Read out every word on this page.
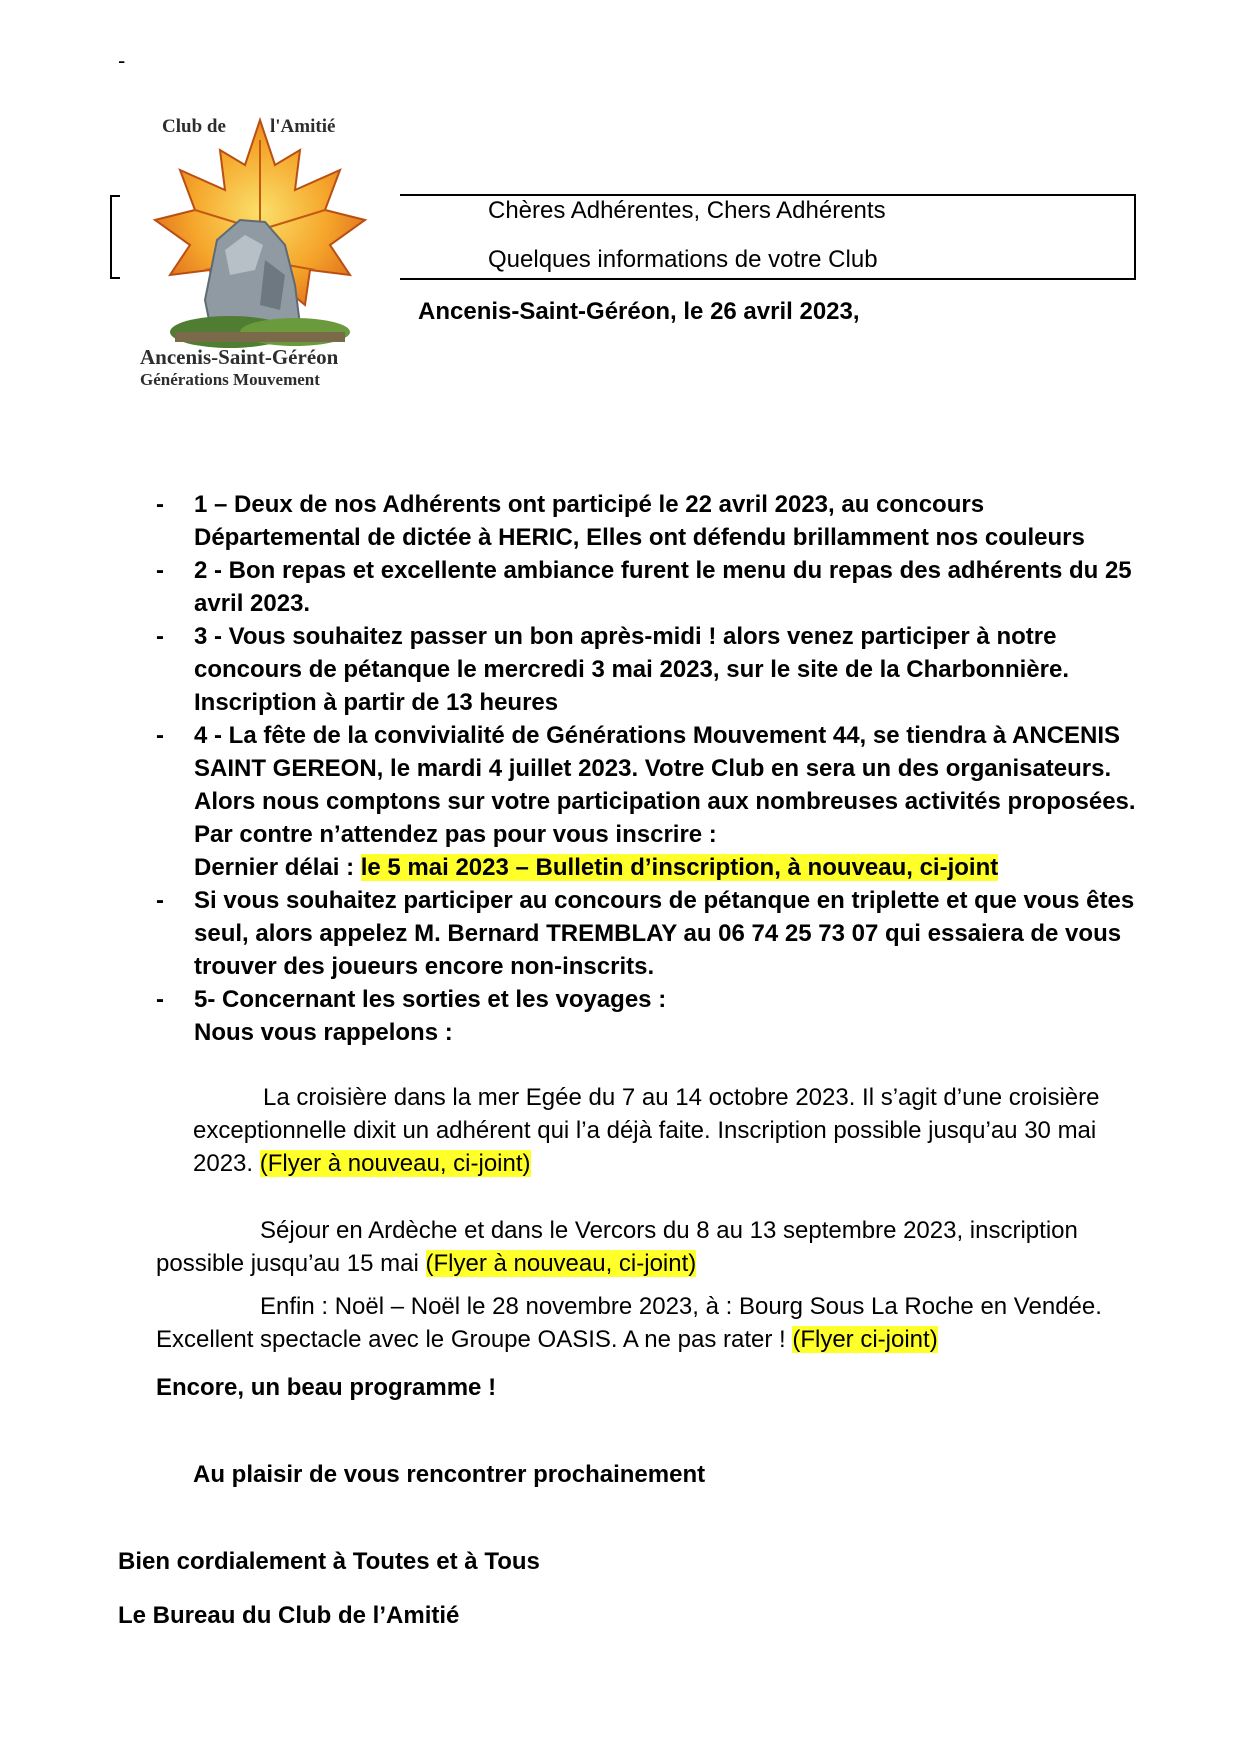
-
Club de l'Amitié
Ancenis-Saint-Géréon
Générations Mouvement
Chères Adhérentes, Chers Adhérents
Quelques informations de votre Club
Ancenis-Saint-Géréon, le 26 avril 2023,
- 1 – Deux de nos Adhérents ont participé le 22 avril 2023, au concours Départemental de dictée à HERIC, Elles ont défendu brillamment nos couleurs
- 2 - Bon repas et excellente ambiance furent le menu du repas des adhérents du 25 avril 2023.
- 3 - Vous souhaitez passer un bon après-midi ! alors venez participer à notre concours de pétanque le mercredi 3 mai 2023, sur le site de la Charbonnière. Inscription à partir de 13 heures
- 4 - La fête de la convivialité de Générations Mouvement 44, se tiendra à ANCENIS SAINT GEREON, le mardi 4 juillet 2023. Votre Club en sera un des organisateurs. Alors nous comptons sur votre participation aux nombreuses activités proposées. Par contre n’attendez pas pour vous inscrire :
Dernier délai : le 5 mai 2023 – Bulletin d’inscription, à nouveau, ci-joint
- Si vous souhaitez participer au concours de pétanque en triplette et que vous êtes seul, alors appelez M. Bernard TREMBLAY au 06 74 25 73 07 qui essaiera de vous trouver des joueurs encore non-inscrits.
- 5- Concernant les sorties et les voyages :
Nous vous rappelons :
La croisière dans la mer Egée du 7 au 14 octobre 2023. Il s’agit d’une croisière exceptionnelle dixit un adhérent qui l’a déjà faite. Inscription possible jusqu’au 30 mai 2023. (Flyer à nouveau, ci-joint)
Séjour en Ardèche et dans le Vercors du 8 au 13 septembre 2023, inscription possible jusqu’au 15 mai (Flyer à nouveau, ci-joint)
Enfin : Noël – Noël le 28 novembre 2023, à : Bourg Sous La Roche en Vendée. Excellent spectacle avec le Groupe OASIS. A ne pas rater ! (Flyer ci-joint)
Encore, un beau programme !
Au plaisir de vous rencontrer prochainement
Bien cordialement à Toutes et à Tous
Le Bureau du Club de l’Amitié
